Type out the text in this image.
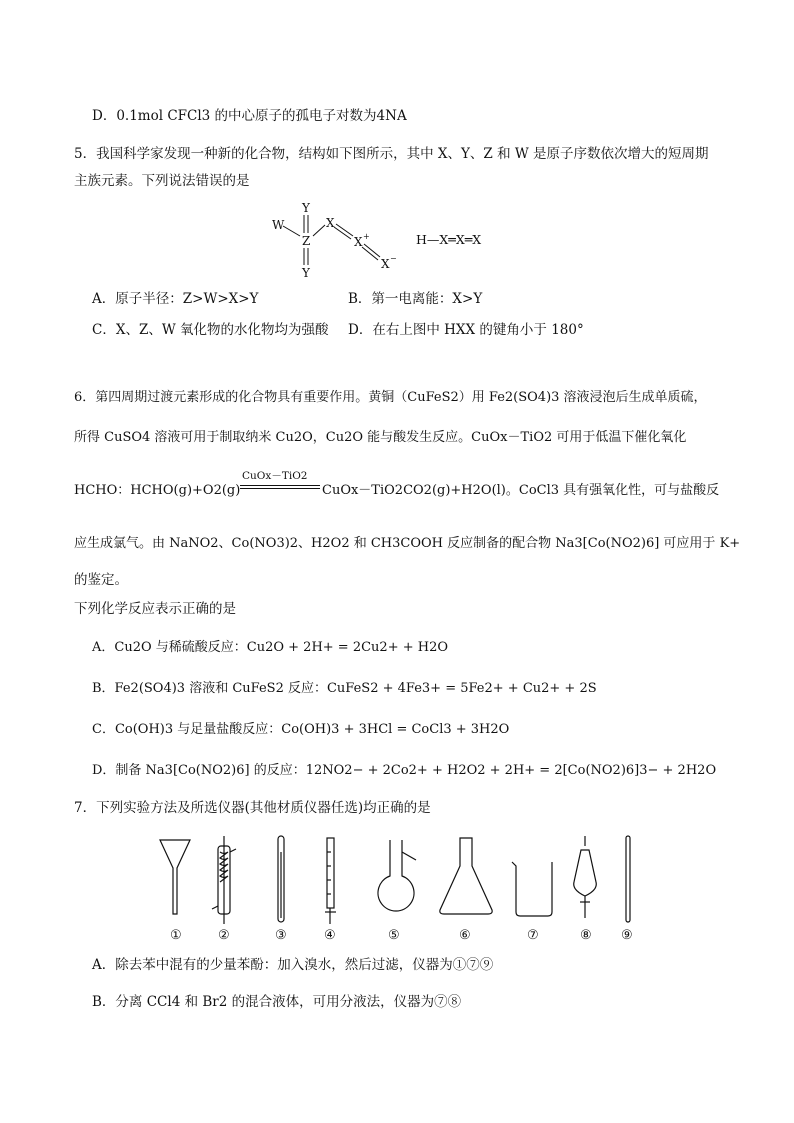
D．0.1mol CFCl3 的中心原子的孤电子对数为4NA
5．我国科学家发现一种新的化合物，结构如下图所示，其中 X、Y、Z 和 W 是原子序数依次增大的短周期
主族元素。下列说法错误的是
W
Y
Z
Y
X
X
X
+
−
H—X═X═X
A．原子半径：Z>W>X>Y	B．第一电离能：X>Y
C．X、Z、W 氧化物的水化物均为强酸 D．在右上图中 HXX 的键角小于 180°
6．第四周期过渡元素形成的化合物具有重要作用。黄铜（CuFeS2）用 Fe2(SO4)3 溶液浸泡后生成单质硫，
所得 CuSO4 溶液可用于制取纳米 Cu2O，Cu2O 能与酸发生反应。CuOx－TiO2 可用于低温下催化氧化
HCHO：HCHO(g)+O2(g)
CuOx－TiO2
CuOx－TiO2CO2(g)+H2O(l)。CoCl3 具有强氧化性，可与盐酸反
应生成氯气。由 NaNO2、Co(NO3)2、H2O2 和 CH3COOH 反应制备的配合物 Na3[Co(NO2)6] 可应用于 K+
的鉴定。
下列化学反应表示正确的是
A．Cu2O 与稀硫酸反应：Cu2O + 2H+ = 2Cu2+ + H2O
B．Fe2(SO4)3 溶液和 CuFeS2 反应：CuFeS2 + 4Fe3+ = 5Fe2+ + Cu2+ + 2S
C．Co(OH)3 与足量盐酸反应：Co(OH)3 + 3HCl = CoCl3 + 3H2O
D．制备 Na3[Co(NO2)6] 的反应：12NO2− + 2Co2+ + H2O2 + 2H+ = 2[Co(NO2)6]3− + 2H2O
7．下列实验方法及所选仪器(其他材质仪器任选)均正确的是
①	②	③	④	⑤	⑥	⑦	⑧ ⑨
A．除去苯中混有的少量苯酚：加入溴水，然后过滤，仪器为①⑦⑨
B．分离 CCl4 和 Br2 的混合液体，可用分液法，仪器为⑦⑧
